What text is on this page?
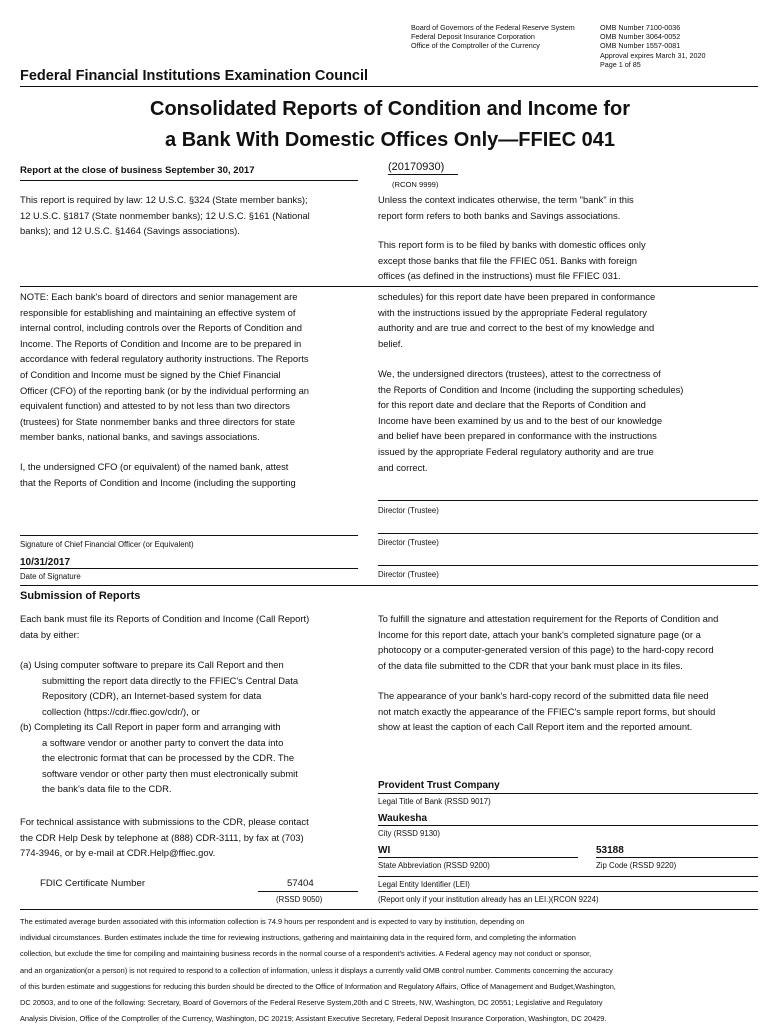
Board of Governors of the Federal Reserve System
Federal Deposit Insurance Corporation
Office of the Comptroller of the Currency
OMB Number 7100-0036
OMB Number 3064-0052
OMB Number 1557-0081
Approval expires March 31, 2020
Page 1 of 85
Federal Financial Institutions Examination Council
Consolidated Reports of Condition and Income for
a Bank With Domestic Offices Only—FFIEC 041
Report at the close of business September 30, 2017	(20170930)
(RCON 9999)

This report is required by law: 12 U.S.C. §324 (State member banks);

12 U.S.C. §1817 (State nonmember banks); 12 U.S.C. §161 (National

banks); and 12 U.S.C. §1464 (Savings associations).

Unless the context indicates otherwise, the term "bank" in this

report form refers to both banks and Savings associations.

This report form is to be filed by banks with domestic offices only

except those banks that file the FFIEC 051. Banks with foreign

offices (as defined in the instructions) must file FFIEC 031.

NOTE: Each bank's board of directors and senior management are

responsible for establishing and maintaining an effective system of

internal control, including controls over the Reports of Condition and

Income. The Reports of Condition and Income are to be prepared in

accordance with federal regulatory authority instructions. The Reports

of Condition and Income must be signed by the Chief Financial

Officer (CFO) of the reporting bank (or by the individual performing an

equivalent function) and attested to by not less than two directors

(trustees) for State nonmember banks and three directors for state

member banks, national banks, and savings associations.

I, the undersigned CFO (or equivalent) of the named bank, attest

that the Reports of Condition and Income (including the supporting

schedules) for this report date have been prepared in conformance

with the instructions issued by the appropriate Federal regulatory

authority and are true and correct to the best of my knowledge and

belief.

We, the undersigned directors (trustees), attest to the correctness of

the Reports of Condition and Income (including the supporting schedules)

for this report date and declare that the Reports of Condition and

Income have been examined by us and to the best of our knowledge

and belief have been prepared in conformance with the instructions

issued by the appropriate Federal regulatory authority and are true

and correct.

Director (Trustee)
Signature of Chief Financial Officer (or Equivalent)	Director (Trustee)
10/31/2017
Date of Signature	Director (Trustee)
Submission of Reports

Each bank must file its Reports of Condition and Income (Call Report)

data by either:

(a) Using computer software to prepare its Call Report and then

submitting the report data directly to the FFIEC's Central Data

Repository (CDR), an Internet-based system for data

collection (https://cdr.ffiec.gov/cdr/), or

(b) Completing its Call Report in paper form and arranging with

a software vendor or another party to convert the data into

the electronic format that can be processed by the CDR. The

software vendor or other party then must electronically submit

the bank's data file to the CDR.

For technical assistance with submissions to the CDR, please contact

the CDR Help Desk by telephone at (888) CDR-3111, by fax at (703)

774-3946, or by e-mail at CDR.Help@ffiec.gov.

To fulfill the signature and attestation requirement for the Reports of Condition and

Income for this report date, attach your bank's completed signature page (or a

photocopy or a computer-generated version of this page) to the hard-copy record

of the data file submitted to the CDR that your bank must place in its files.

The appearance of your bank's hard-copy record of the submitted data file need

not match exactly the appearance of the FFIEC's sample report forms, but should

show at least the caption of each Call Report item and the reported amount.

Provident Trust Company
Legal Title of Bank (RSSD 9017)
Waukesha
City (RSSD 9130)
WI	53188
State Abbreviation (RSSD 9200)	Zip Code (RSSD 9220)
FDIC Certificate Number	57404
(RSSD 9050)
Legal Entity Identifier (LEI)
(Report only if your institution already has an LEI.)(RCON 9224)
The estimated average burden associated with this information collection is 74.9 hours per respondent and is expected to vary by institution, depending on
individual circumstances. Burden estimates include the time for reviewing instructions, gathering and maintaining data in the required form, and completing the information
collection, but exclude the time for compiling and maintaining business records in the normal course of a respondent's activities. A Federal agency may not conduct or sponsor,
and an organization(or a person) is not required to respond to a collection of information, unless it displays a currently valid OMB control number. Comments concerning the accuracy
of this burden estimate and suggestions for reducing this burden should be directed to the Office of Information and Regulatory Affairs, Office of Management and Budget,Washington,
DC 20503, and to one of the following: Secretary, Board of Governors of the Federal Reserve System,20th and C Streets, NW, Washington, DC 20551; Legislative and Regulatory
Analysis Division, Office of the Comptroller of the Currency, Washington, DC 20219; Assistant Executive Secretary, Federal Deposit Insurance Corporation, Washington, DC 20429.
